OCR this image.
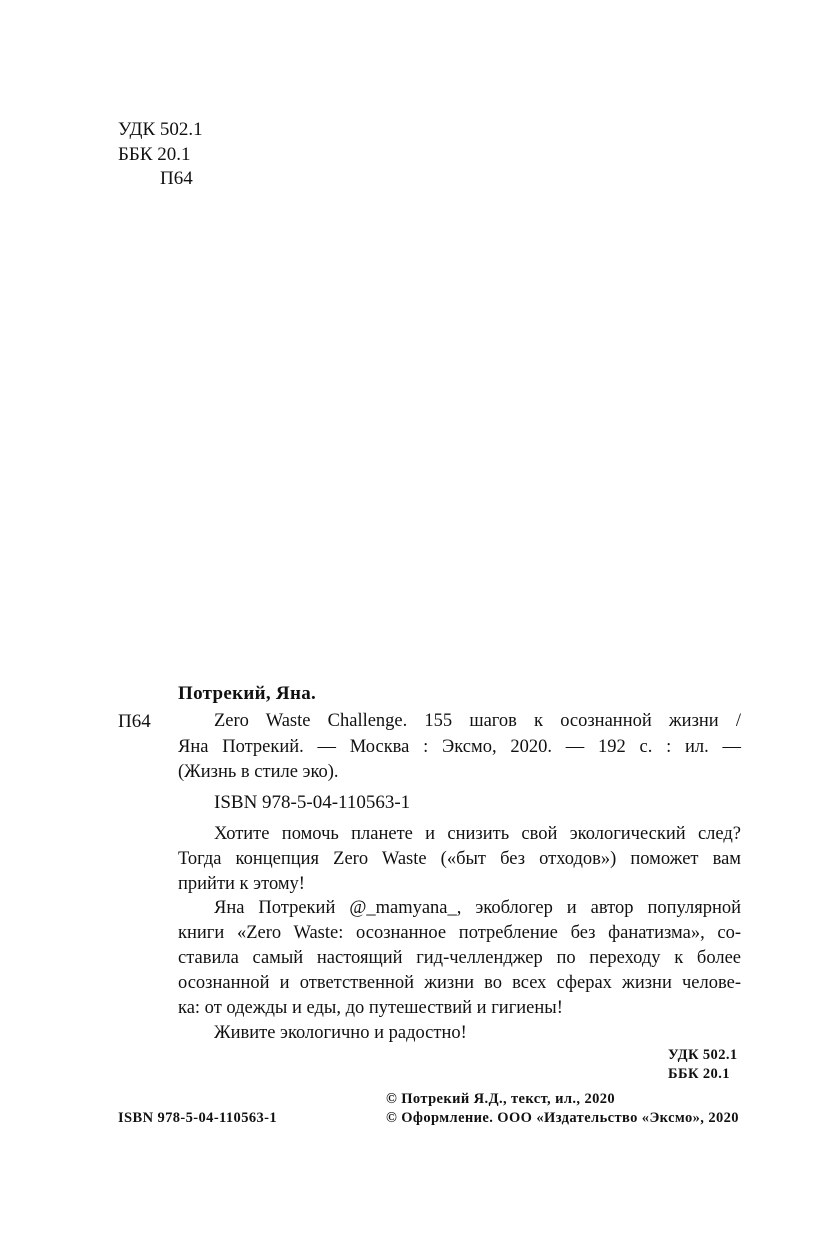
УДК 502.1
ББК 20.1
П64
Потрекий, Яна.
П64	Zero Waste Challenge. 155 шагов к осознанной жизни /
Яна Потрекий. — Москва : Эксмо, 2020. — 192 с. : ил. —
(Жизнь в стиле эко).
ISBN 978-5-04-110563-1
Хотите помочь планете и снизить свой экологический след?
Тогда концепция Zero Waste («быт без отходов») поможет вам
прийти к этому!
Яна Потрекий @_mamyana_, экоблогер и автор популярной
книги «Zero Waste: осознанное потребление без фанатизма», со-
ставила самый настоящий гид-челленджер по переходу к более
осознанной и ответственной жизни во всех сферах жизни челове-
ка: от одежды и еды, до путешествий и гигиены!
Живите экологично и радостно!
УДК 502.1
ББК 20.1
© Потрекий Я.Д., текст, ил., 2020
ISBN 978-5-04-110563-1	© Оформление. ООО «Издательство «Эксмо», 2020
